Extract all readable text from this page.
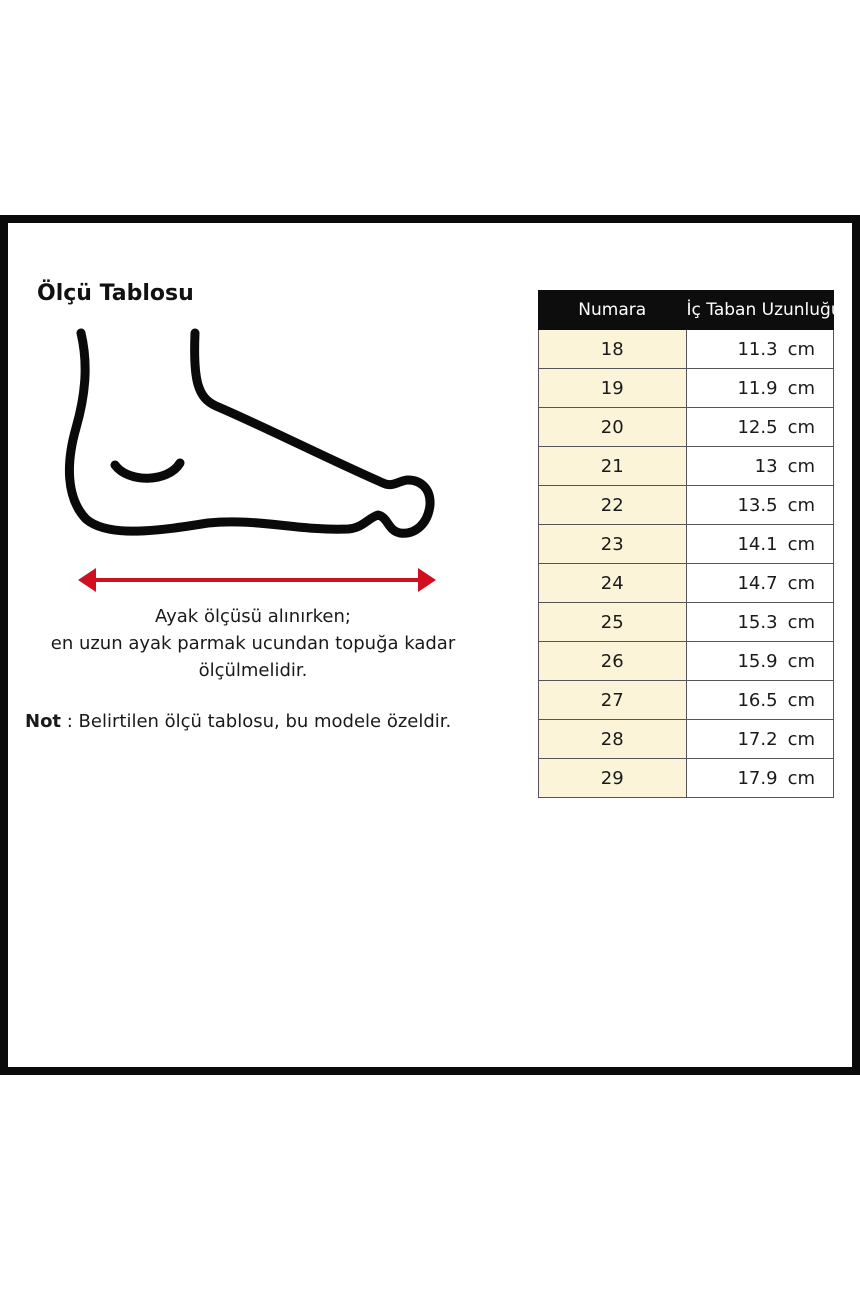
Ölçü Tablosu
Ayak ölçüsü alınırken;
en uzun ayak parmak ucundan topuğa kadar
ölçülmelidir.
Not : Belirtilen ölçü tablosu, bu modele özeldir.
Numara	İç Taban Uzunluğu
18	11.3 cm
19	11.9 cm
20	12.5 cm
21	13 cm
22	13.5 cm
23	14.1 cm
24	14.7 cm
25	15.3 cm
26	15.9 cm
27	16.5 cm
28	17.2 cm
29	17.9 cm
